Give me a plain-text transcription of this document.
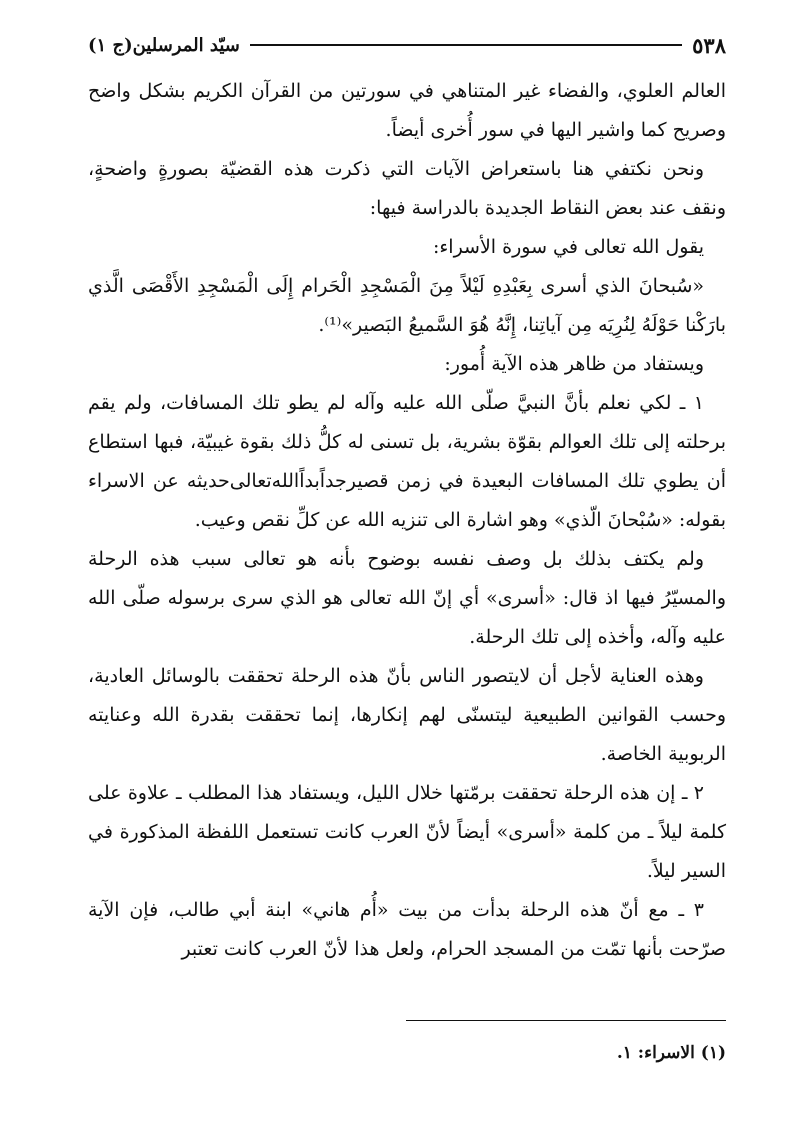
٥٣٨
سيّد المرسلين(ج ١)

العالم العلوي، والفضاء غير المتناهي في سورتين من القرآن الكريم بشكل واضح وصريح كما واشير اليها في سور أُخرى أيضاً.

ونحن نكتفي هنا باستعراض الآيات التي ذكرت هذه القضيّة بصورةٍ واضحةٍ، ونقف عند بعض النقاط الجديدة بالدراسة فيها:

يقول الله تعالى في سورة الأسراء:

«سُبحانَ الذي أسرى بِعَبْدِهِ لَيْلاً مِنَ الْمَسْجِدِ الْحَرام إِلَى الْمَسْجِدِ الأَقْصَى الَّذي بارَكْنا حَوْلَهُ لِنُرِيَه مِن آياتِنا، إِنَّهُ هُوَ السَّميعُ البَصير»⁽¹⁾.

ويستفاد من ظاهر هذه الآية أُمور:

١ ـ لكي نعلم بأنَّ النبيَّ صلّى الله عليه وآله لم يطو تلك المسافات، ولم يقم برحلته إلى تلك العوالم بقوّة بشرية، بل تسنى له كلُّ ذلك بقوة غيبيّة، فبها استطاع أن يطوي تلك المسافات البعيدة في زمن قصيرجداًبداًالله‌تعالى‌حديثه عن الاسراء بقوله: «سُبْحانَ الّذي» وهو اشارة الى تنزيه الله عن كلِّ نقص وعيب.

ولم يكتف بذلك بل وصف نفسه بوضوح بأنه هو تعالى سبب هذه الرحلة والمسيّرُ فيها اذ قال: «أسرى» أي إنّ الله تعالى هو الذي سرى برسوله صلّى الله عليه وآله، وأخذه إلى تلك الرحلة.

وهذه العناية لأجل أن لايتصور الناس بأنّ هذه الرحلة تحققت بالوسائل العادية، وحسب القوانين الطبيعية ليتسنّى لهم إنكارها، إنما تحققت بقدرة الله وعنايته الربوبية الخاصة.

٢ ـ إن هذه الرحلة تحققت برمّتها خلال الليل، ويستفاد هذا المطلب ـ علاوة على كلمة ليلاً ـ من كلمة «أسرى» أيضاً لأنّ العرب كانت تستعمل اللفظة المذكورة في السير ليلاً.

٣ ـ مع أنّ هذه الرحلة بدأت من بيت «أُم هاني» ابنة أبي طالب، فإن الآية صرّحت بأنها تمّت من المسجد الحرام، ولعل هذا لأنّ العرب كانت تعتبر

(١) الاسراء: ١.
